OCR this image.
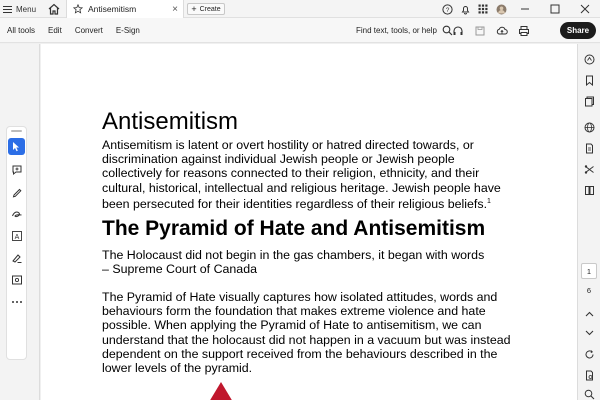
Menu	Antisemitism	× + Create	?
All tools Edit Convert E-Sign	Find text, tools, or help	Share
A
Antisemitism
Antisemitism is latent or overt hostility or hatred directed towards, or discrimination against individual Jewish people or Jewish people collectively for reasons connected to their religion, ethnicity, and their cultural, historical, intellectual and religious heritage. Jewish people have been persecuted for their identities regardless of their religious beliefs.$^1$
The Pyramid of Hate and Antisemitism
The Holocaust did not begin in the gas chambers, it began with words
– Supreme Court of Canada
The Pyramid of Hate visually captures how isolated attitudes, words and behaviours form the foundation that makes extreme violence and hate possible. When applying the Pyramid of Hate to antisemitism, we can understand that the holocaust did not happen in a vacuum but was instead dependent on the support received from the behaviours described in the lower levels of the pyramid.
1
6
